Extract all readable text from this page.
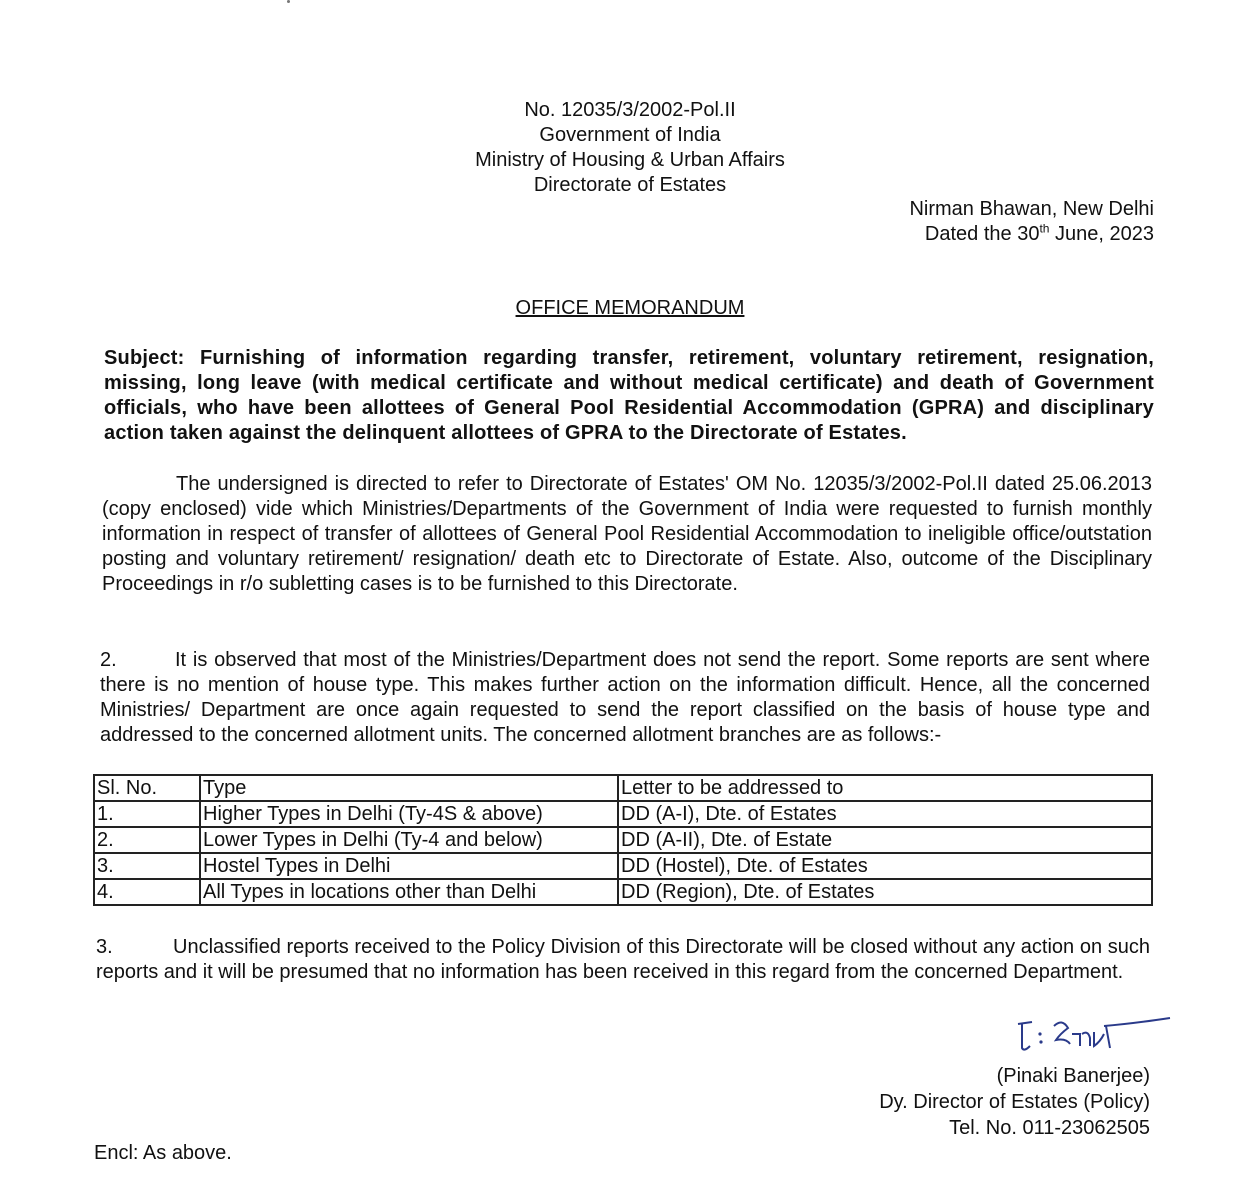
No. 12035/3/2002-Pol.II
Government of India
Ministry of Housing & Urban Affairs
Directorate of Estates
Nirman Bhawan, New Delhi
Dated the 30th June, 2023
OFFICE MEMORANDUM
Subject: Furnishing of information regarding transfer, retirement, voluntary retirement, resignation, missing, long leave (with medical certificate and without medical certificate) and death of Government officials, who have been allottees of General Pool Residential Accommodation (GPRA) and disciplinary action taken against the delinquent allottees of GPRA to the Directorate of Estates.
The undersigned is directed to refer to Directorate of Estates' OM No. 12035/3/2002-Pol.II dated 25.06.2013 (copy enclosed) vide which Ministries/Departments of the Government of India were requested to furnish monthly information in respect of transfer of allottees of General Pool Residential Accommodation to ineligible office/outstation posting and voluntary retirement/ resignation/ death etc to Directorate of Estate. Also, outcome of the Disciplinary Proceedings in r/o subletting cases is to be furnished to this Directorate.
2.	It is observed that most of the Ministries/Department does not send the report. Some reports are sent where there is no mention of house type. This makes further action on the information difficult. Hence, all the concerned Ministries/ Department are once again requested to send the report classified on the basis of house type and addressed to the concerned allotment units. The concerned allotment branches are as follows:-
Sl. No.	Type	Letter to be addressed to
1.	Higher Types in Delhi (Ty-4S & above)	DD (A-I), Dte. of Estates
2.	Lower Types in Delhi (Ty-4 and below)	DD (A-II), Dte. of Estate
3.	Hostel Types in Delhi	DD (Hostel), Dte. of Estates
4.	All Types in locations other than Delhi	DD (Region), Dte. of Estates
3.	Unclassified reports received to the Policy Division of this Directorate will be closed without any action on such reports and it will be presumed that no information has been received in this regard from the concerned Department.
(Pinaki Banerjee)
Dy. Director of Estates (Policy)
Tel. No. 011-23062505
Encl: As above.
